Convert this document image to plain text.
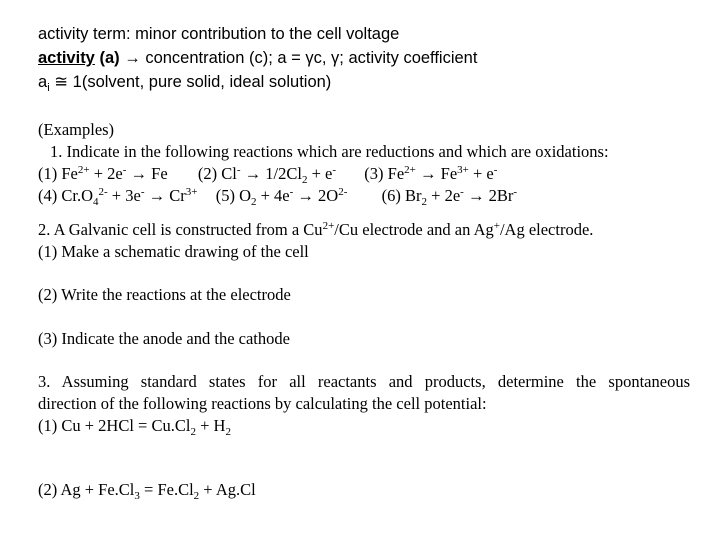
activity term: minor contribution to the cell voltage
activity (a) → concentration (c); a = γc, γ; activity coefficient
$a_i$ ≅ 1(solvent, pure solid, ideal solution)
(Examples)
1. Indicate in the following reactions which are reductions and which are oxidations:
(1) $Fe^{2+} + 2e^- \to Fe$ (2) $Cl^- \to 1/2Cl_2 + e^-$ (3) $Fe^{2+} \to Fe^{3+} + e^-$
(4) $Cr.O_4^{2-} + 3e^- \to Cr^{3+}$ (5) $O_2 + 4e^- \to 2O^{2-}$ (6) $Br_2 + 2e^- \to 2Br^-$
2. A Galvanic cell is constructed from a $Cu^{2+}/Cu$ electrode and an Ag+/Ag electrode.
(1) Make a schematic drawing of the cell
(2) Write the reactions at the electrode
(3) Indicate the anode and the cathode
3. Assuming standard states for all reactants and products, determine the spontaneous
direction of the following reactions by calculating the cell potential:
(1) $Cu + 2HCl = Cu.Cl_2 + H_2$
(2) $Ag + Fe.Cl_3 = Fe.Cl_2 + Ag.Cl$
